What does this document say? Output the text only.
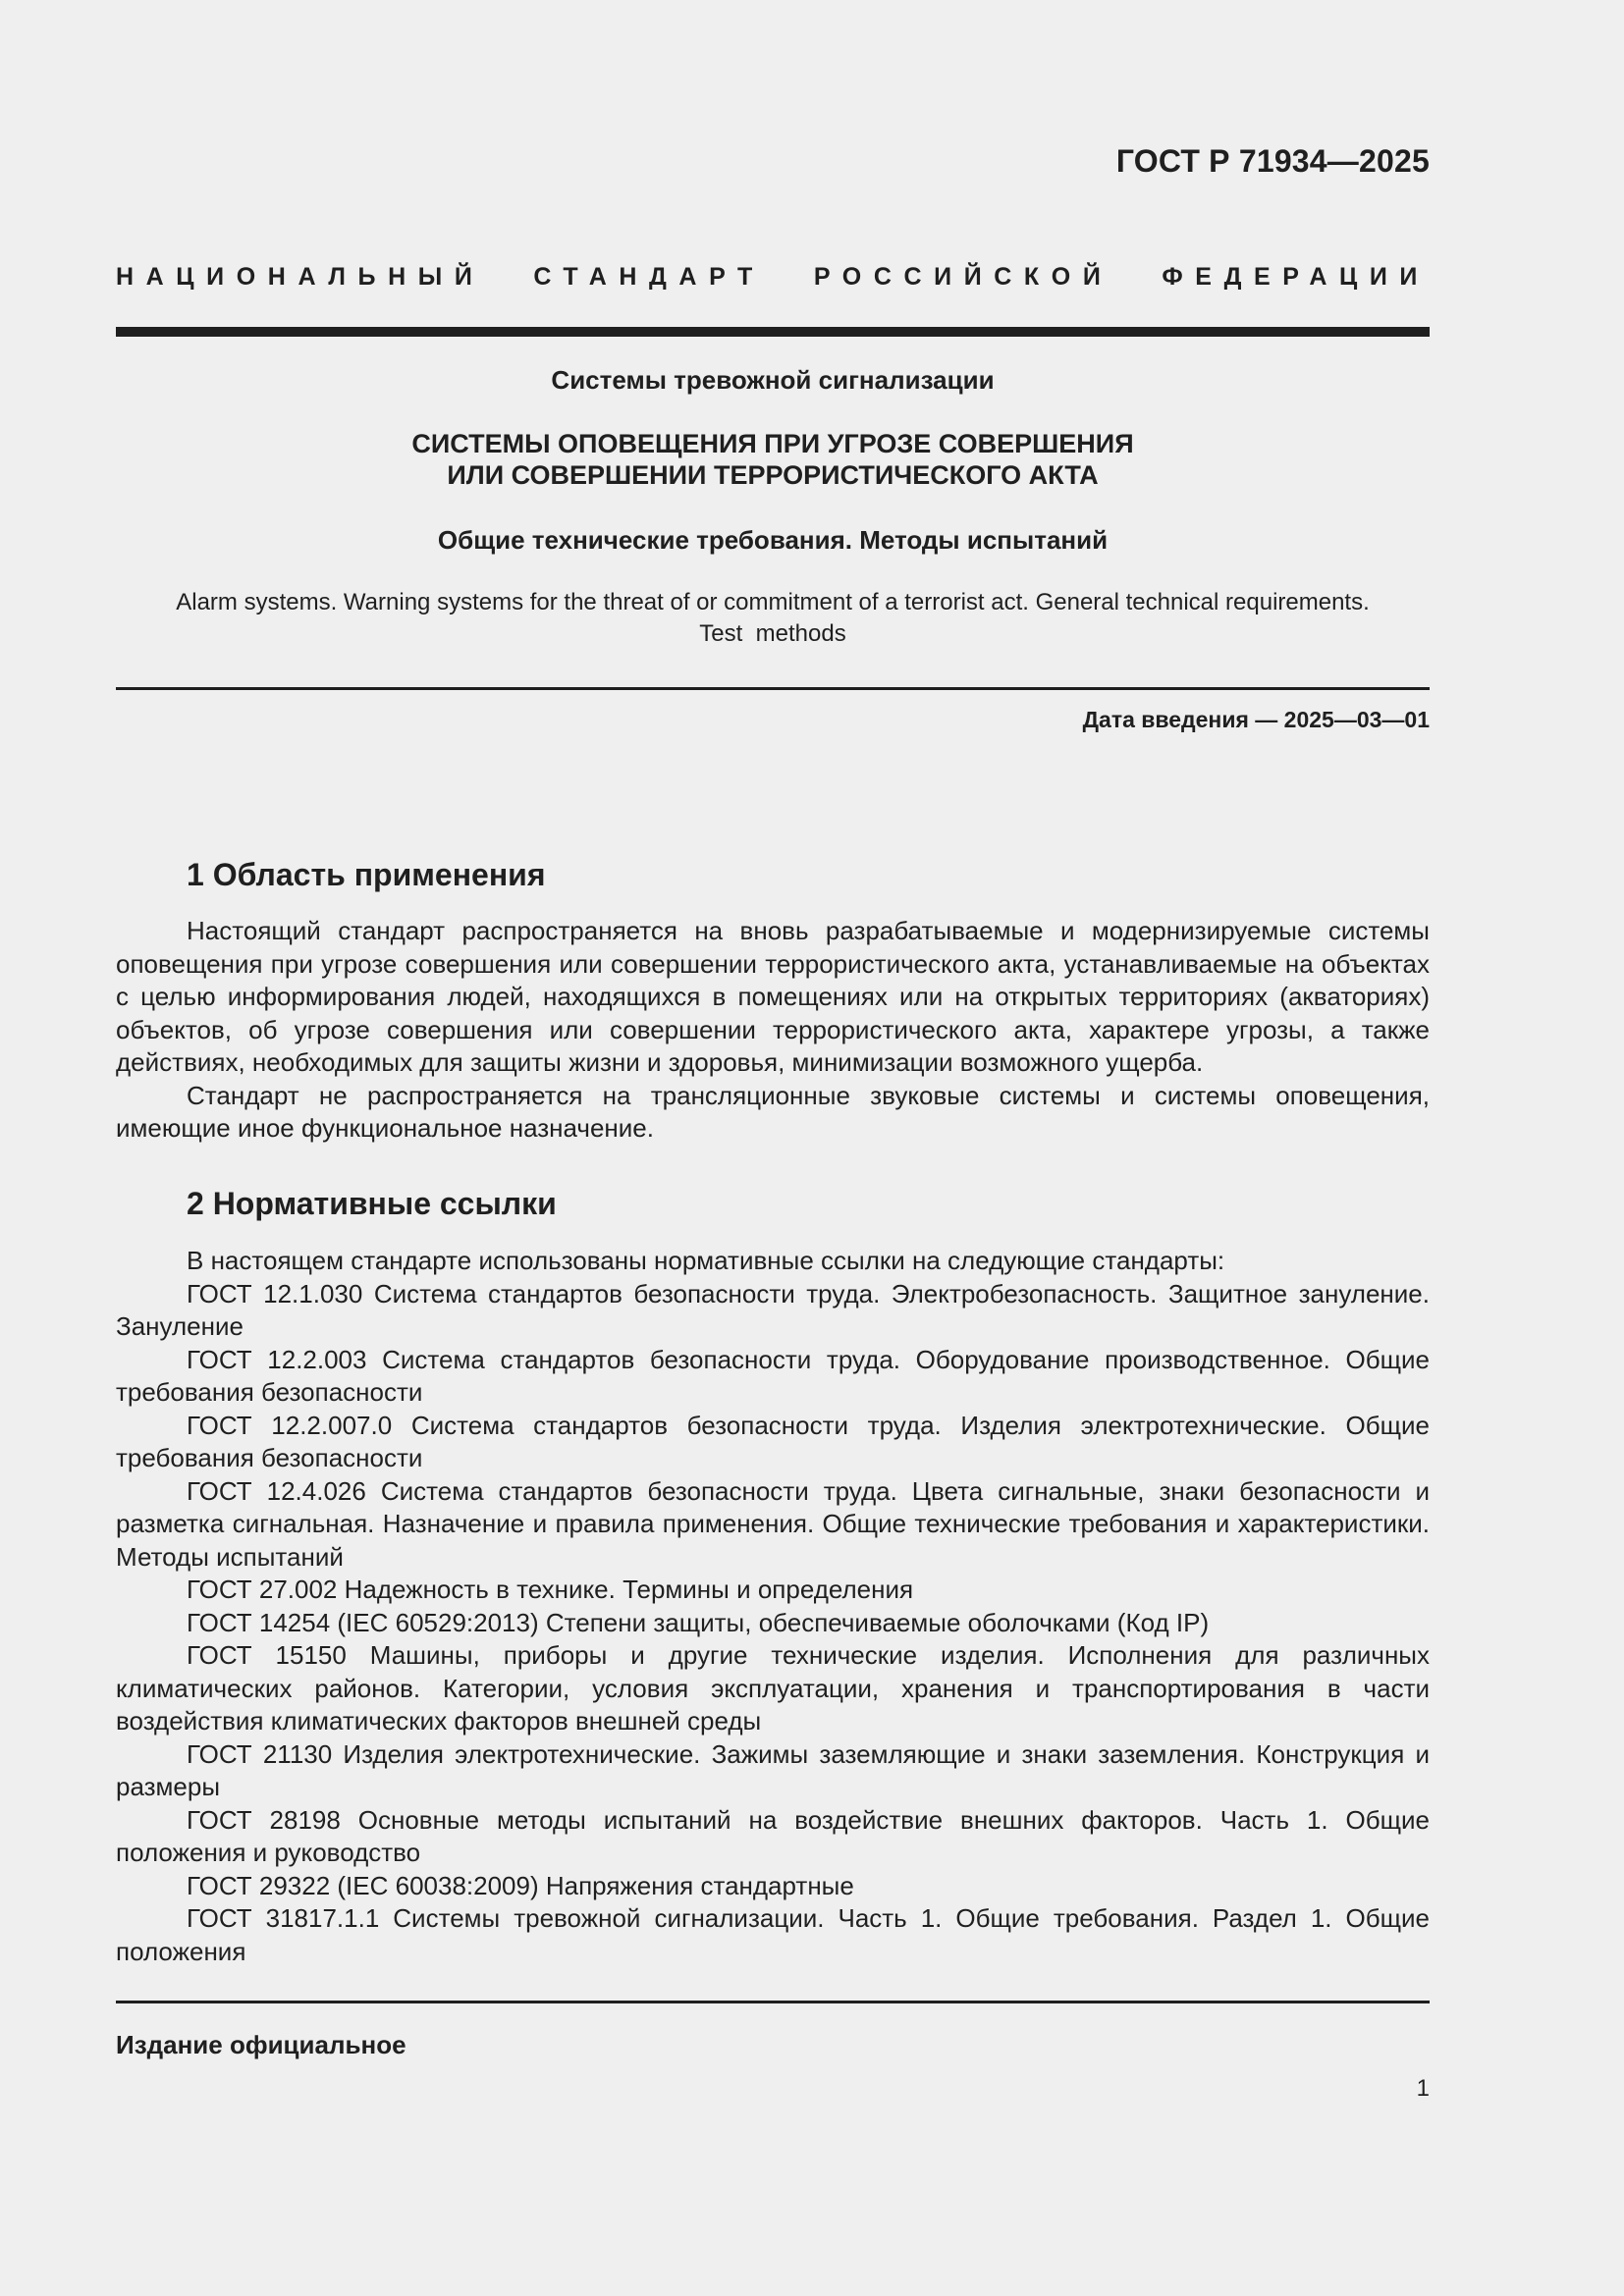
ГОСТ Р 71934—2025
НАЦИОНАЛЬНЫЙ СТАНДАРТ РОССИЙСКОЙ ФЕДЕРАЦИИ
Системы тревожной сигнализации
СИСТЕМЫ ОПОВЕЩЕНИЯ ПРИ УГРОЗЕ СОВЕРШЕНИЯ
ИЛИ СОВЕРШЕНИИ ТЕРРОРИСТИЧЕСКОГО АКТА
Общие технические требования. Методы испытаний
Alarm systems. Warning systems for the threat of or commitment of a terrorist act. General technical requirements.
Test  methods
Дата введения — 2025—03—01
1 Область применения

Настоящий стандарт распространяется на вновь разрабатываемые и модернизируемые системы оповещения при угрозе совершения или совершении террористического акта, устанавливаемые на объектах с целью информирования людей, находящихся в помещениях или на открытых территориях (акваториях) объектов, об угрозе совершения или совершении террористического акта, характере угрозы, а также действиях, необходимых для защиты жизни и здоровья, минимизации возможного ущерба.

Стандарт не распространяется на трансляционные звуковые системы и системы оповещения, имеющие иное функциональное назначение.

2 Нормативные ссылки

В настоящем стандарте использованы нормативные ссылки на следующие стандарты:

ГОСТ 12.1.030 Система стандартов безопасности труда. Электробезопасность. Защитное зануление. Зануление

ГОСТ 12.2.003 Система стандартов безопасности труда. Оборудование производственное. Общие требования безопасности

ГОСТ 12.2.007.0 Система стандартов безопасности труда. Изделия электротехнические. Общие требования безопасности

ГОСТ 12.4.026 Система стандартов безопасности труда. Цвета сигнальные, знаки безопасности и разметка сигнальная. Назначение и правила применения. Общие технические требования и характеристики. Методы испытаний

ГОСТ 27.002 Надежность в технике. Термины и определения

ГОСТ 14254 (IEC 60529:2013) Степени защиты, обеспечиваемые оболочками (Код IP)

ГОСТ 15150 Машины, приборы и другие технические изделия. Исполнения для различных климатических районов. Категории, условия эксплуатации, хранения и транспортирования в части воздействия климатических факторов внешней среды

ГОСТ 21130 Изделия электротехнические. Зажимы заземляющие и знаки заземления. Конструкция и размеры

ГОСТ 28198 Основные методы испытаний на воздействие внешних факторов. Часть 1. Общие положения и руководство

ГОСТ 29322 (IEC 60038:2009) Напряжения стандартные

ГОСТ 31817.1.1 Системы тревожной сигнализации. Часть 1. Общие требования. Раздел 1. Общие положения

Издание официальное
1
